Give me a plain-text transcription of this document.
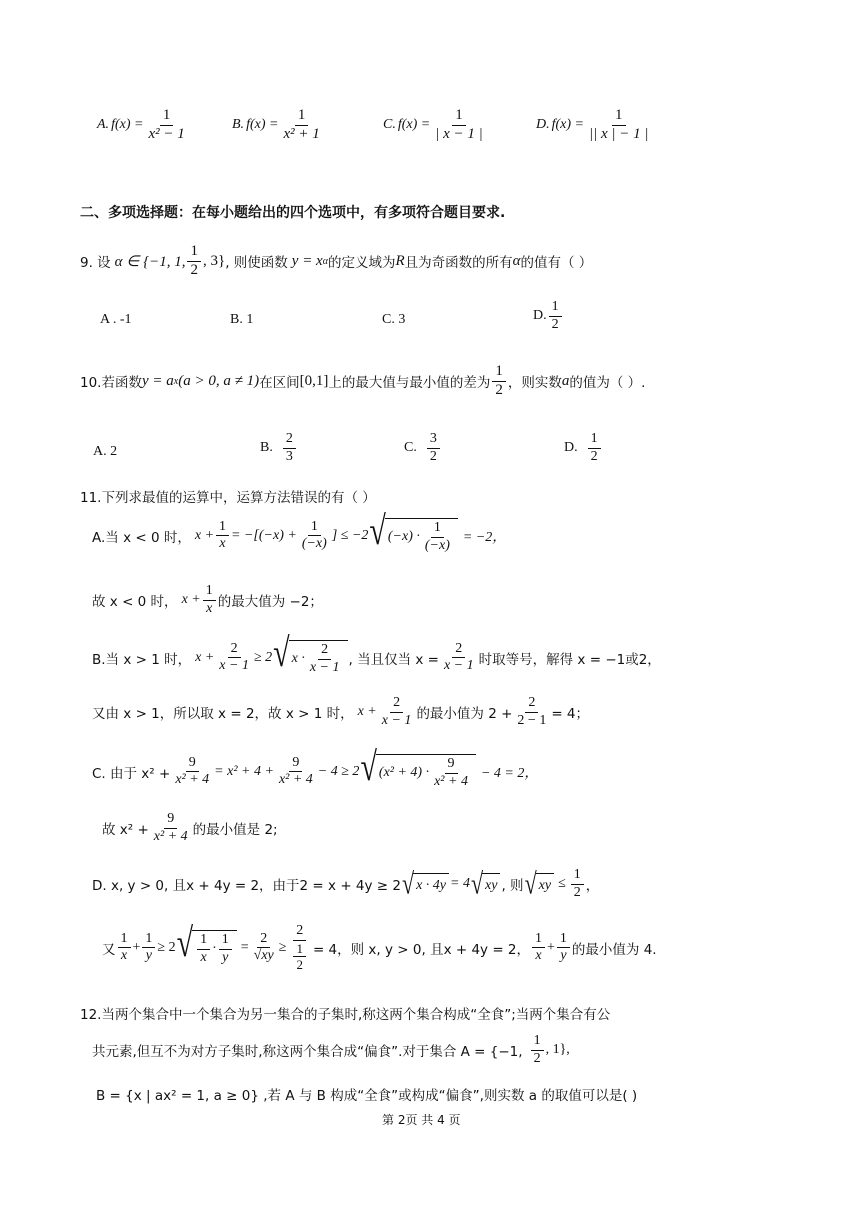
A. $f(x) = \frac{1}{\text{x² − 1}}$	B. $f(x) = \frac{1}{\text{x² + 1}}$	C. $f(x) = \frac{1}{| x - 1 |}$	D. $f(x) = \frac{1}{|| x | - 1 |}$
二、多项选择题：在每小题给出的四个选项中，有多项符合题目要求.
9. 设 α ∈ {−1, 1, $\frac{1}{2}$ , 3} , 则使函数 y = x α 的定义域为 R 且为奇函数的所有 α 的值有（ ）
A . -1	B. 1	C. 3	D. $\frac{1}{2}$
10.若函数 y = a x (a > 0, a ≠ 1) 在区间 [0,1] 上的最大值与最小值的差为 $\frac{1}{2}$ ，则实数 a 的值为（ ）.
A. 2	B. $\frac{2}{3}$	C. $\frac{3}{2}$	D. $\frac{1}{2}$
11.下列求最值的运算中，运算方法错误的有（ ）
A.当 x < 0 时， $x + \frac{1}{x} = -[(-x) + \frac{1}{(-x)}$ ] ≤ −2 √ $(-x) \cdot \frac{1}{(-x)} = -2$，
故 x < 0 时， $x + \frac{1}{x}$ 的最大值为 −2；
B.当 x > 1 时， $x + \frac{2}{x - 1} \ge 2$ √ $x \cdot \frac{2}{x - 1}$ , 当且仅当 $x = \frac{2}{x - 1}$ 时取等号，解得 x = −1或2，
又由 x > 1，所以取 x = 2，故 x > 1 时， $x + \frac{2}{x - 1}$ 的最小值为 $2 + \frac{2}{2 - 1} = 4$；
C. 由于 $x^2 + \frac{9}{\text{x² + 4}} = x^2 + 4 + \frac{9}{\text{x² + 4}} - 4 \ge 2$ √ $(x^2 + 4) \cdot \frac{9}{\text{x² + 4}} - 4 = 2$，
故 $x^2 + \frac{9}{\text{x² + 4}}$ 的最小值是 2;
D. x, y > 0, 且x + 4y = 2，由于2 = x + 4y ≥ 2 √ x · 4y = 4 √ xy , 则 √ xy ≤ $\frac{1}{2}$ ，
又 $\frac{1}{x} + \frac{1}{y} \ge 2$ √ $\frac{1}{x} \cdot \frac{1}{y} = \frac{2}{√xy} \ge \frac{2}{\frac{1}{2}} = 4$，则 x, y > 0, 且x + 4y = 2， $\frac{1}{x} + \frac{1}{y}$ 的最小值为 4.
12.当两个集合中一个集合为另一集合的子集时,称这两个集合构成“全食”;当两个集合有公
共元素,但互不为对方子集时,称这两个集合成“偏食”.对于集合 A = {−1, $\frac{1}{2}$ , 1},
B = {x | ax² = 1, a ≥ 0} ,若 A 与 B 构成“全食”或构成“偏食”,则实数 a 的取值可以是( )
第 2页 共 4 页
